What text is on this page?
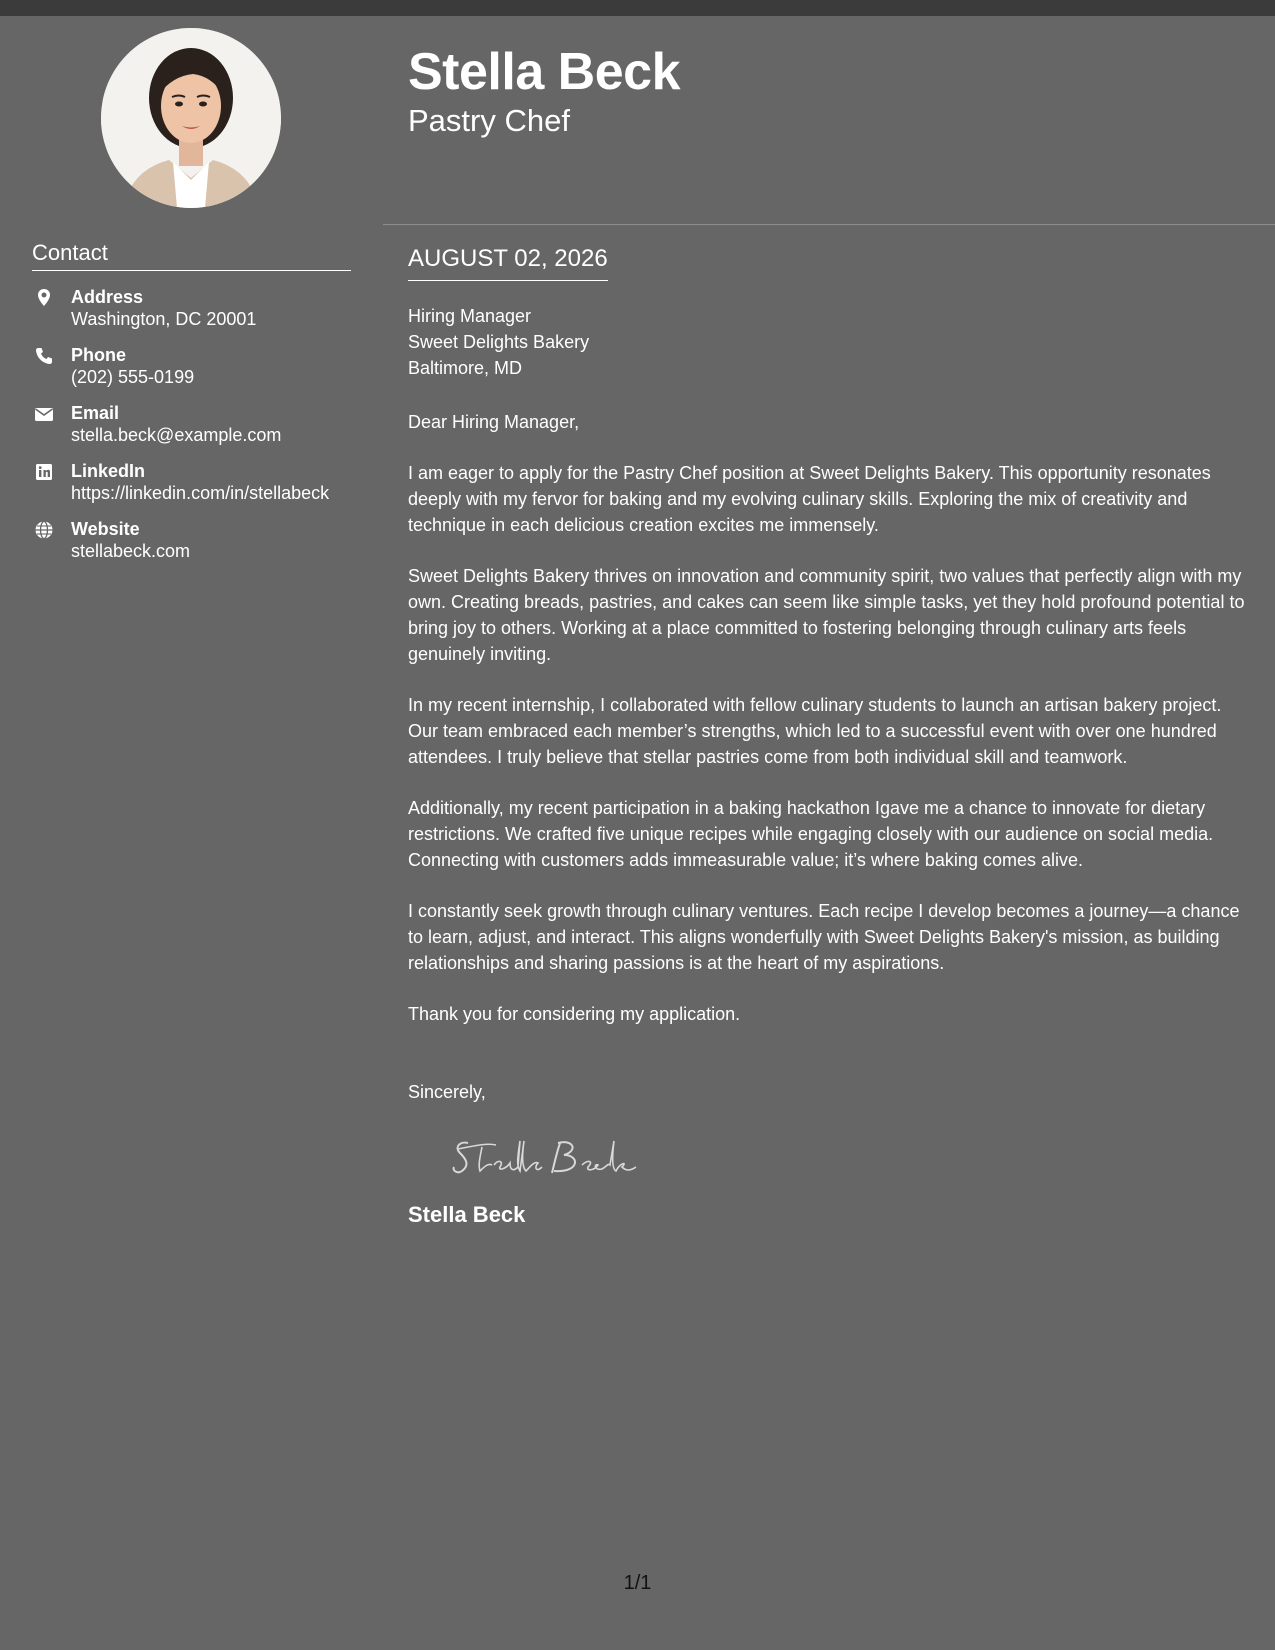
Contact
Address
Washington, DC 20001
Phone
(202) 555-0199
Email
stella.beck@example.com
LinkedIn
https://linkedin.com/in/stellabeck
Website
stellabeck.com
Stella Beck
Pastry Chef
AUGUST 02, 2026
Hiring Manager
Sweet Delights Bakery
Baltimore, MD
Dear Hiring Manager,
I am eager to apply for the Pastry Chef position at Sweet Delights Bakery. This opportunity resonates deeply with my fervor for baking and my evolving culinary skills. Exploring the mix of creativity and technique in each delicious creation excites me immensely.
Sweet Delights Bakery thrives on innovation and community spirit, two values that perfectly align with my own. Creating breads, pastries, and cakes can seem like simple tasks, yet they hold profound potential to bring joy to others. Working at a place committed to fostering belonging through culinary arts feels genuinely inviting.
In my recent internship, I collaborated with fellow culinary students to launch an artisan bakery project. Our team embraced each member’s strengths, which led to a successful event with over one hundred attendees. I truly believe that stellar pastries come from both individual skill and teamwork.
Additionally, my recent participation in a baking hackathon Igave me a chance to innovate for dietary restrictions. We crafted five unique recipes while engaging closely with our audience on social media. Connecting with customers adds immeasurable value; it’s where baking comes alive.
I constantly seek growth through culinary ventures. Each recipe I develop becomes a journey—a chance to learn, adjust, and interact. This aligns wonderfully with Sweet Delights Bakery's mission, as building relationships and sharing passions is at the heart of my aspirations.
Thank you for considering my application.
Sincerely,
Stella Beck
1/1
